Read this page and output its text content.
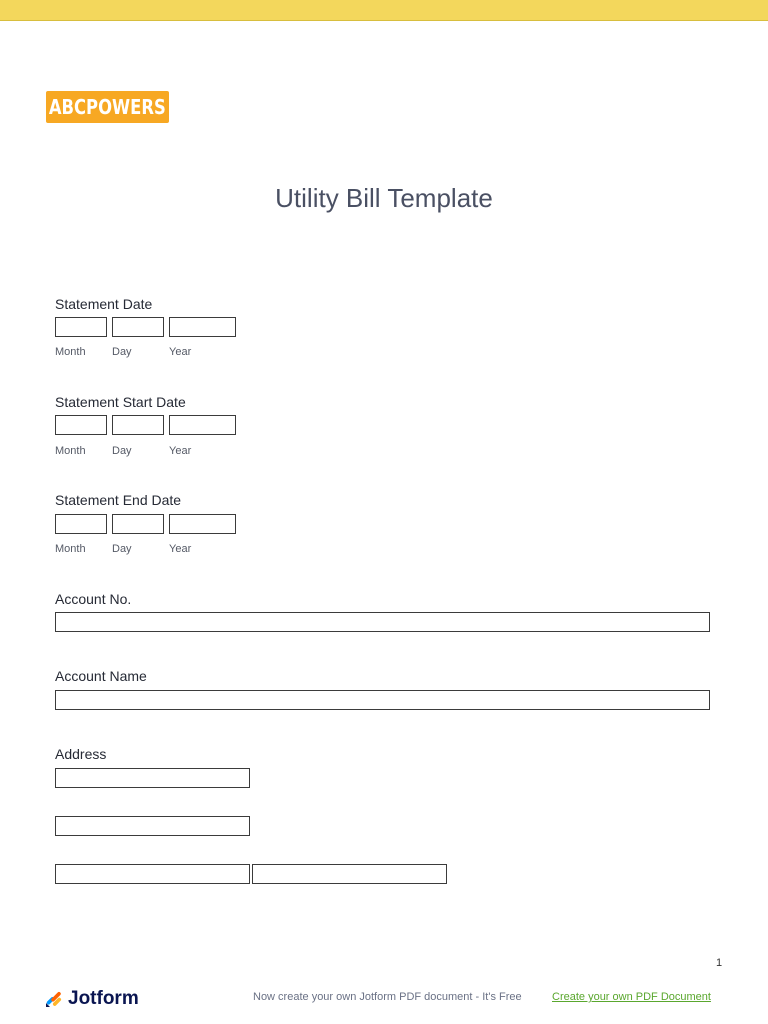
ABCPOWERS
Utility Bill Template
Statement Date
Month Day	Year
Statement Start Date
Month Day	Year
Statement End Date
Month Day	Year
Account No.
Account Name
Address
1
Jotform	Now create your own Jotform PDF document - It's Free	Create your own PDF Document
